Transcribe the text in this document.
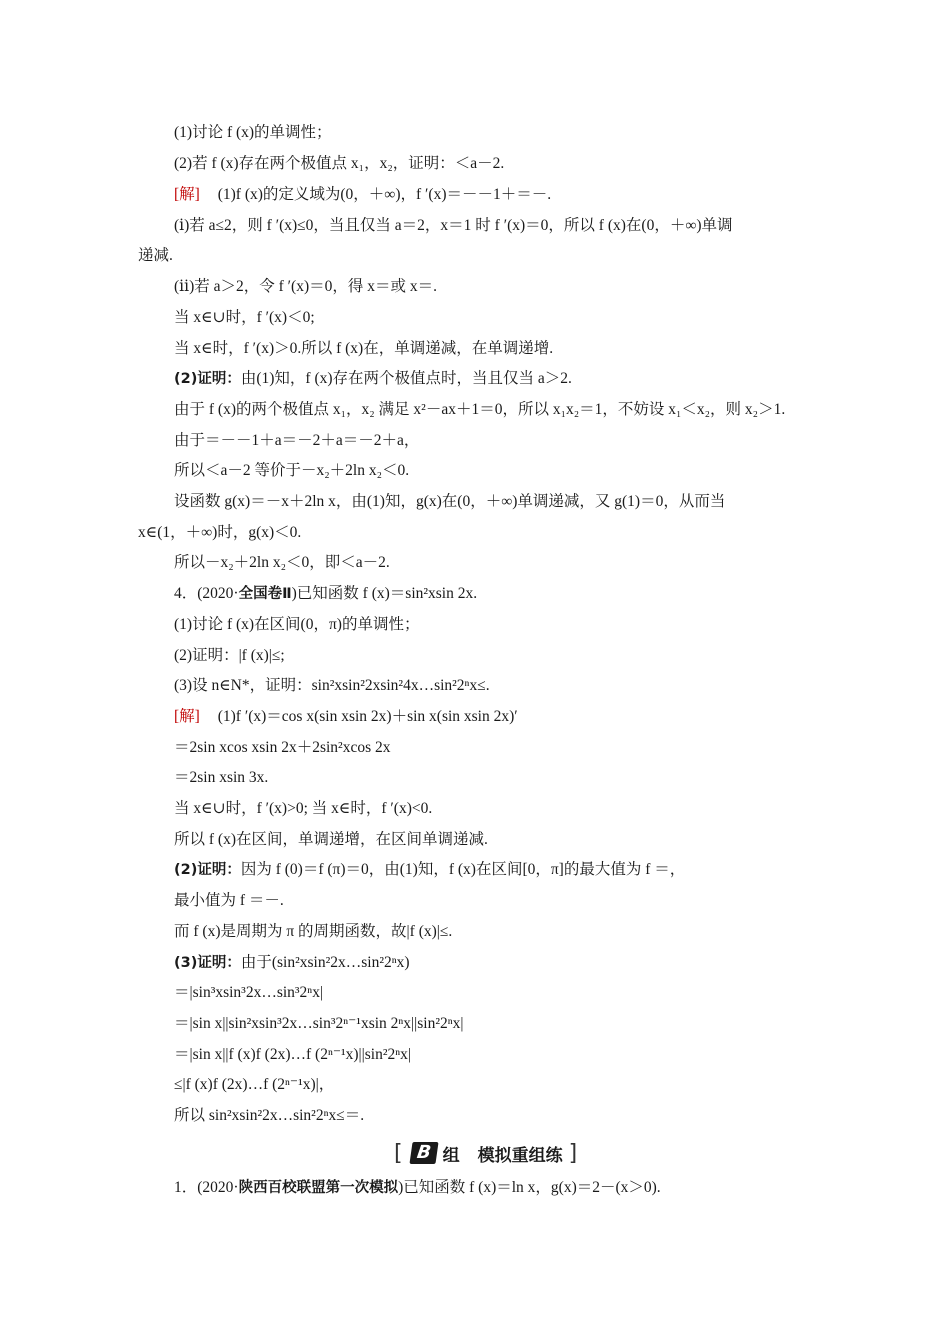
(1)讨论 f (x)的单调性；
(2)若 f (x)存在两个极值点 x₁，x₂，证明：＜a－2.
[解] (1)f (x)的定义域为(0，＋∞)，f ′(x)＝－－1＋＝－.
(ⅰ)若 a≤2，则 f ′(x)≤0，当且仅当 a＝2，x＝1 时 f ′(x)＝0，所以 f (x)在(0，＋∞)单调
递减.
(ⅱ)若 a＞2，令 f ′(x)＝0，得 x＝或 x＝.
当 x∈∪时，f ′(x)＜0;
当 x∈时，f ′(x)＞0.所以 f (x)在，单调递减，在单调递增.
(2)证明：由(1)知，f (x)存在两个极值点时，当且仅当 a＞2.
由于 f (x)的两个极值点 x₁，x₂ 满足 x²－ax＋1＝0，所以 x₁x₂＝1，不妨设 x₁＜x₂，则 x₂＞1.
由于＝－－1＋a＝－2＋a＝－2＋a，
所以＜a－2 等价于－x₂＋2ln x₂＜0.
设函数 g(x)＝－x＋2ln x，由(1)知，g(x)在(0，＋∞)单调递减，又 g(1)＝0，从而当
x∈(1，＋∞)时，g(x)＜0.
所以－x₂＋2ln x₂＜0，即＜a－2.
4．(2020·全国卷Ⅱ)已知函数 f (x)＝sin²xsin 2x.
(1)讨论 f (x)在区间(0，π)的单调性；
(2)证明：|f (x)|≤;
(3)设 n∈N*，证明：sin²xsin²2xsin²4x…sin²2ⁿx≤.
[解] (1)f ′(x)＝cos x(sin xsin 2x)＋sin x(sin xsin 2x)′
＝2sin xcos xsin 2x＋2sin²xcos 2x
＝2sin xsin 3x.
当 x∈∪时，f ′(x)>0; 当 x∈时，f ′(x)<0.
所以 f (x)在区间，单调递增，在区间单调递减.
(2)证明：因为 f (0)＝f (π)＝0，由(1)知，f (x)在区间[0，π]的最大值为 f ＝，
最小值为 f ＝－.
而 f (x)是周期为 π 的周期函数，故|f (x)|≤.
(3)证明：由于(sin²xsin²2x…sin²2ⁿx)
＝|sin³xsin³2x…sin³2ⁿx|
＝|sin x||sin²xsin³2x…sin³2ⁿ⁻¹xsin 2ⁿx||sin²2ⁿx|
＝|sin x||f (x)f (2x)…f (2ⁿ⁻¹x)||sin²2ⁿx|
≤|f (x)f (2x)…f (2ⁿ⁻¹x)|，
所以 sin²xsin²2x…sin²2ⁿx≤＝.
[ B 组 模拟重组练 ]
1．(2020·陕西百校联盟第一次模拟)已知函数 f (x)＝ln x，g(x)＝2－(x＞0).
